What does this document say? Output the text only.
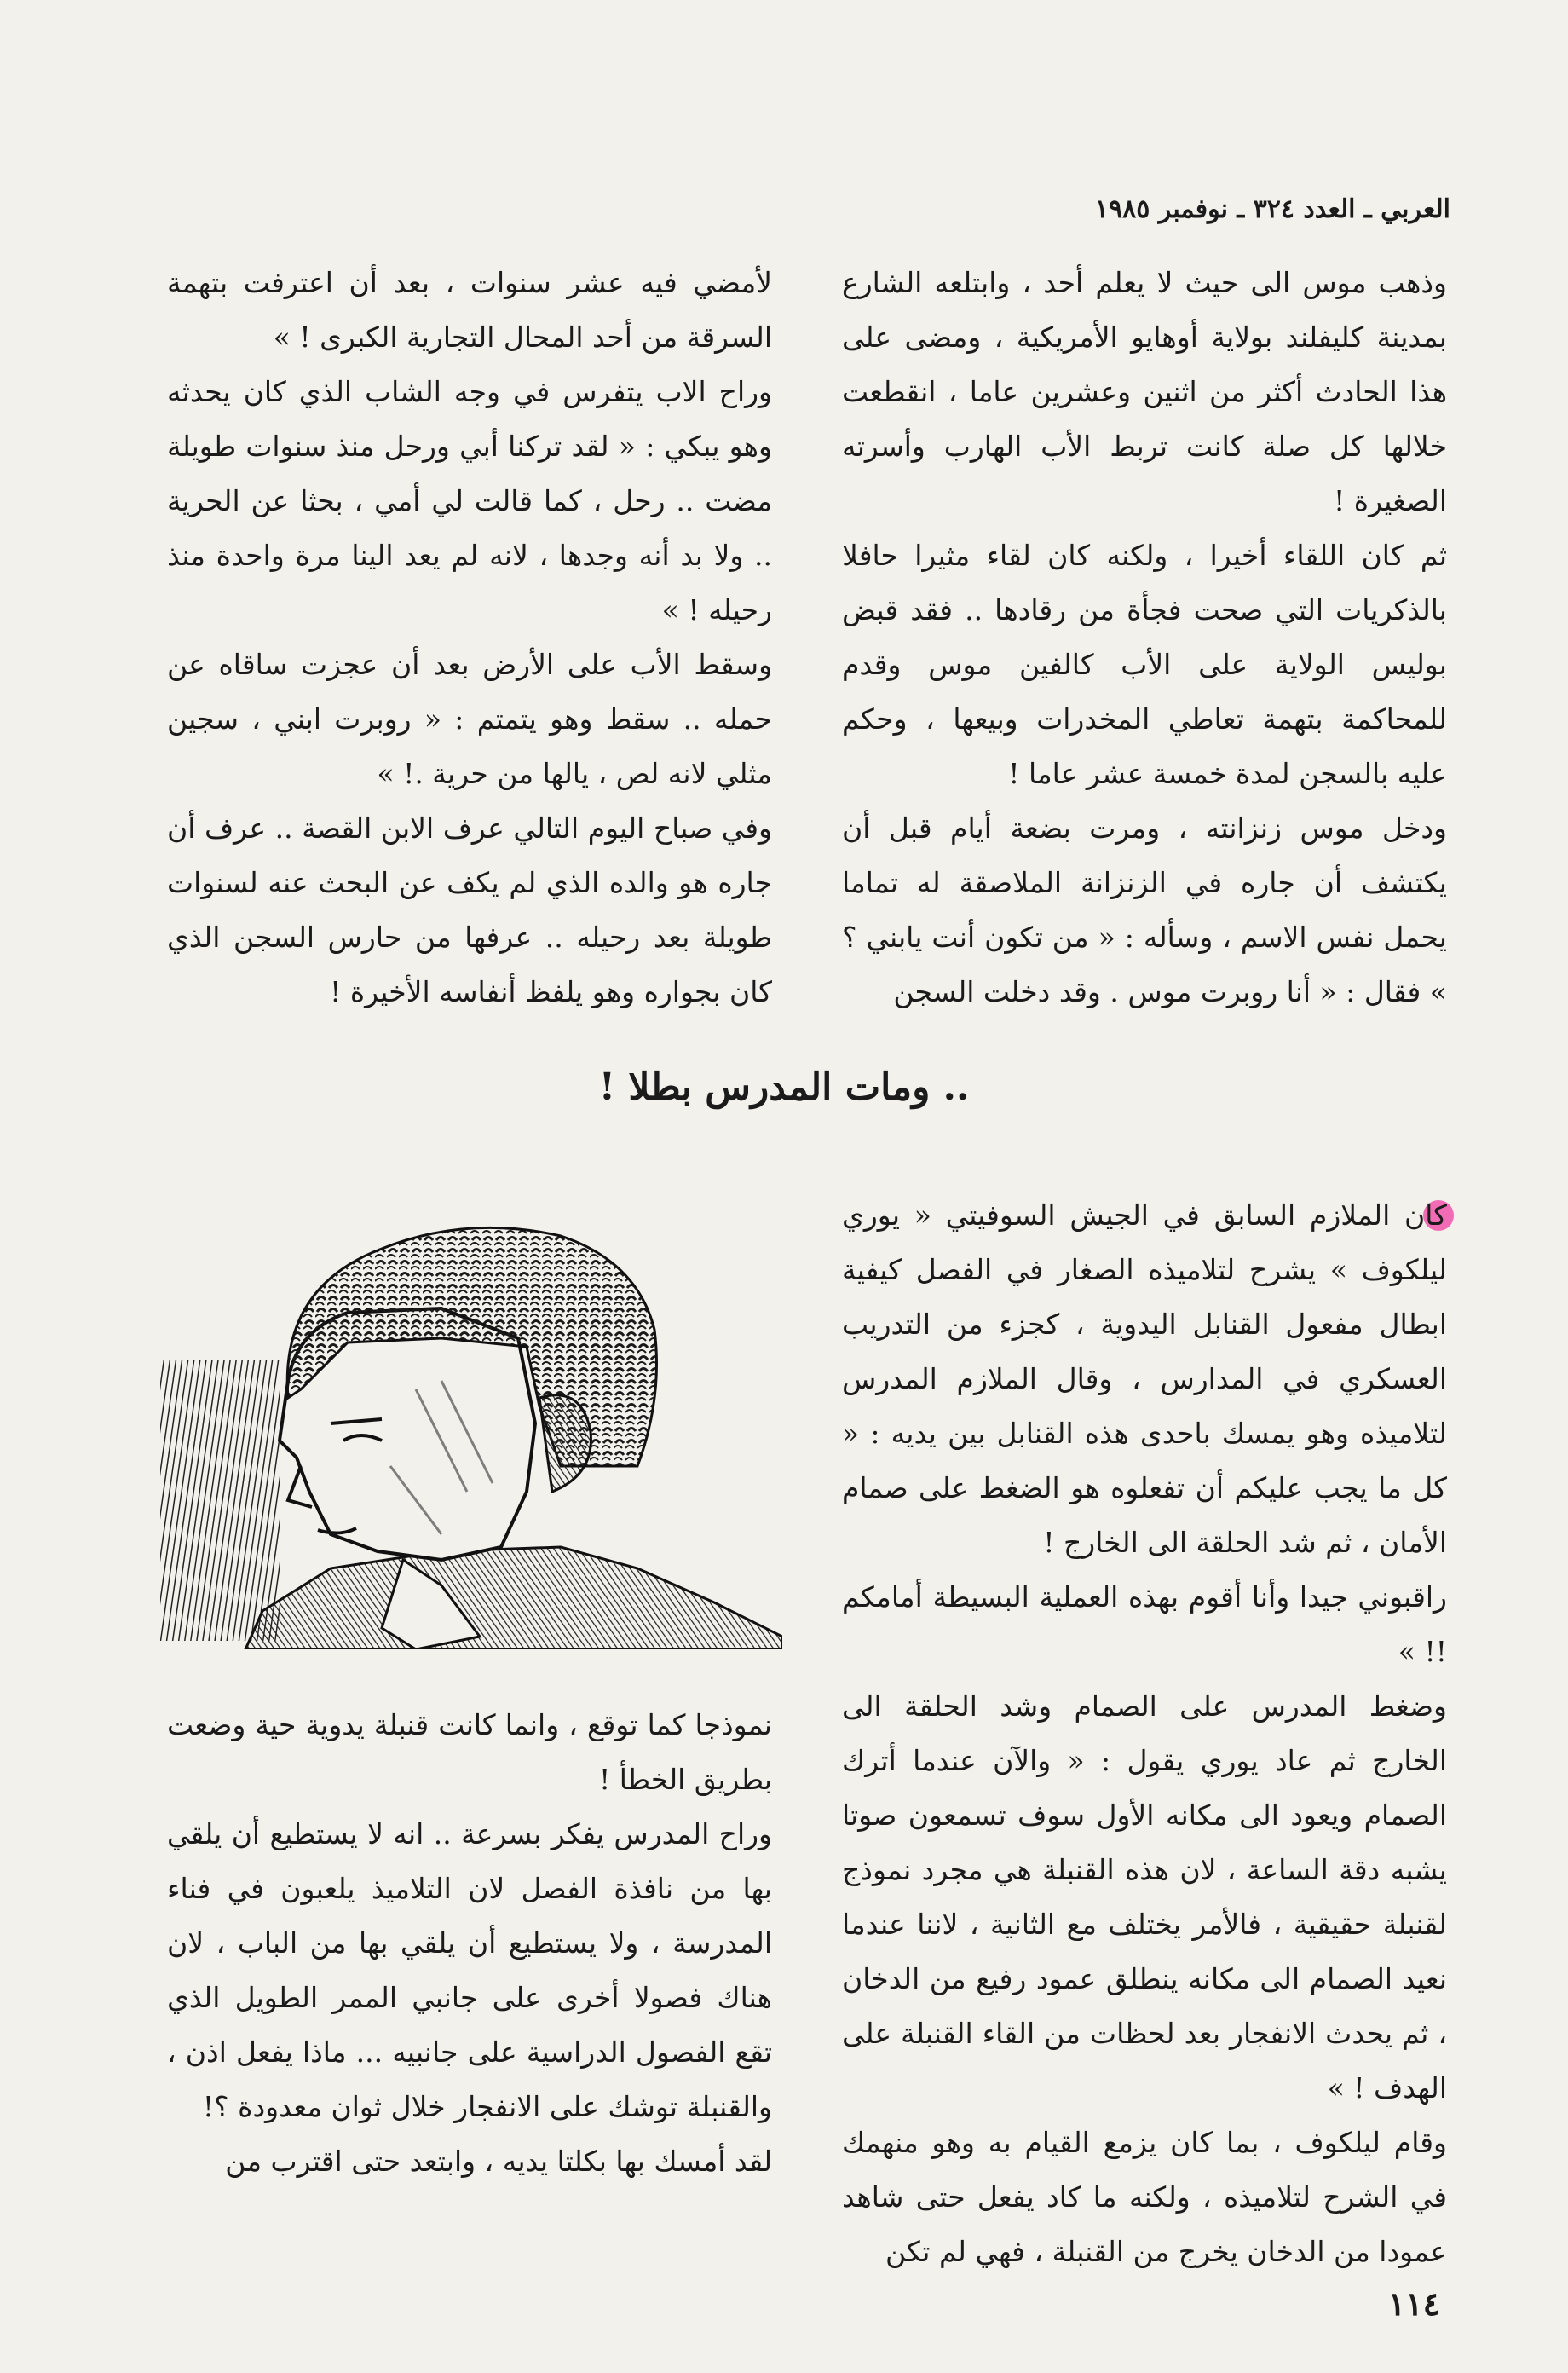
العربي ـ العدد ٣٢٤ ـ نوفمبر ١٩٨٥

وذهب موس الى حيث لا يعلم أحد ، وابتلعه الشارع بمدينة كليفلند بولاية أوهايو الأمريكية ، ومضى على هذا الحادث أكثر من اثنين وعشرين عاما ، انقطعت خلالها كل صلة كانت تربط الأب الهارب وأسرته الصغيرة !

ثم كان اللقاء أخيرا ، ولكنه كان لقاء مثيرا حافلا بالذكريات التي صحت فجأة من رقادها .. فقد قبض بوليس الولاية على الأب كالفين موس وقدم للمحاكمة بتهمة تعاطي المخدرات وبيعها ، وحكم عليه بالسجن لمدة خمسة عشر عاما !

ودخل موس زنزانته ، ومرت بضعة أيام قبل أن يكتشف أن جاره في الزنزانة الملاصقة له تماما يحمل نفس الاسم ، وسأله : « من تكون أنت يابني ؟ » فقال : « أنا روبرت موس . وقد دخلت السجن

لأمضي فيه عشر سنوات ، بعد أن اعترفت بتهمة السرقة من أحد المحال التجارية الكبرى ! »

وراح الاب يتفرس في وجه الشاب الذي كان يحدثه وهو يبكي : « لقد تركنا أبي ورحل منذ سنوات طويلة مضت .. رحل ، كما قالت لي أمي ، بحثا عن الحرية .. ولا بد أنه وجدها ، لانه لم يعد الينا مرة واحدة منذ رحيله ! »

وسقط الأب على الأرض بعد أن عجزت ساقاه عن حمله .. سقط وهو يتمتم : « روبرت ابني ، سجين مثلي لانه لص ، يالها من حرية .! »

وفي صباح اليوم التالي عرف الابن القصة .. عرف أن جاره هو والده الذي لم يكف عن البحث عنه لسنوات طويلة بعد رحيله .. عرفها من حارس السجن الذي كان بجواره وهو يلفظ أنفاسه الأخيرة !

.. ومات المدرس بطلا !

كان الملازم السابق في الجيش السوفيتي « يوري ليلكوف » يشرح لتلاميذه الصغار في الفصل كيفية ابطال مفعول القنابل اليدوية ، كجزء من التدريب العسكري في المدارس ، وقال الملازم المدرس لتلاميذه وهو يمسك باحدى هذه القنابل بين يديه : « كل ما يجب عليكم أن تفعلوه هو الضغط على صمام الأمان ، ثم شد الحلقة الى الخارج !

راقبوني جيدا وأنا أقوم بهذه العملية البسيطة أمامكم !! »

وضغط المدرس على الصمام وشد الحلقة الى الخارج ثم عاد يوري يقول : « والآن عندما أترك الصمام ويعود الى مكانه الأول سوف تسمعون صوتا يشبه دقة الساعة ، لان هذه القنبلة هي مجرد نموذج لقنبلة حقيقية ، فالأمر يختلف مع الثانية ، لاننا عندما نعيد الصمام الى مكانه ينطلق عمود رفيع من الدخان ، ثم يحدث الانفجار بعد لحظات من القاء القنبلة على الهدف ! »

وقام ليلكوف ، بما كان يزمع القيام به وهو منهمك في الشرح لتلاميذه ، ولكنه ما كاد يفعل حتى شاهد عمودا من الدخان يخرج من القنبلة ، فهي لم تكن

نموذجا كما توقع ، وانما كانت قنبلة يدوية حية وضعت بطريق الخطأ !

وراح المدرس يفكر بسرعة .. انه لا يستطيع أن يلقي بها من نافذة الفصل لان التلاميذ يلعبون في فناء المدرسة ، ولا يستطيع أن يلقي بها من الباب ، لان هناك فصولا أخرى على جانبي الممر الطويل الذي تقع الفصول الدراسية على جانبيه ... ماذا يفعل اذن ، والقنبلة توشك على الانفجار خلال ثوان معدودة ؟!

لقد أمسك بها بكلتا يديه ، وابتعد حتى اقترب من

١١٤
